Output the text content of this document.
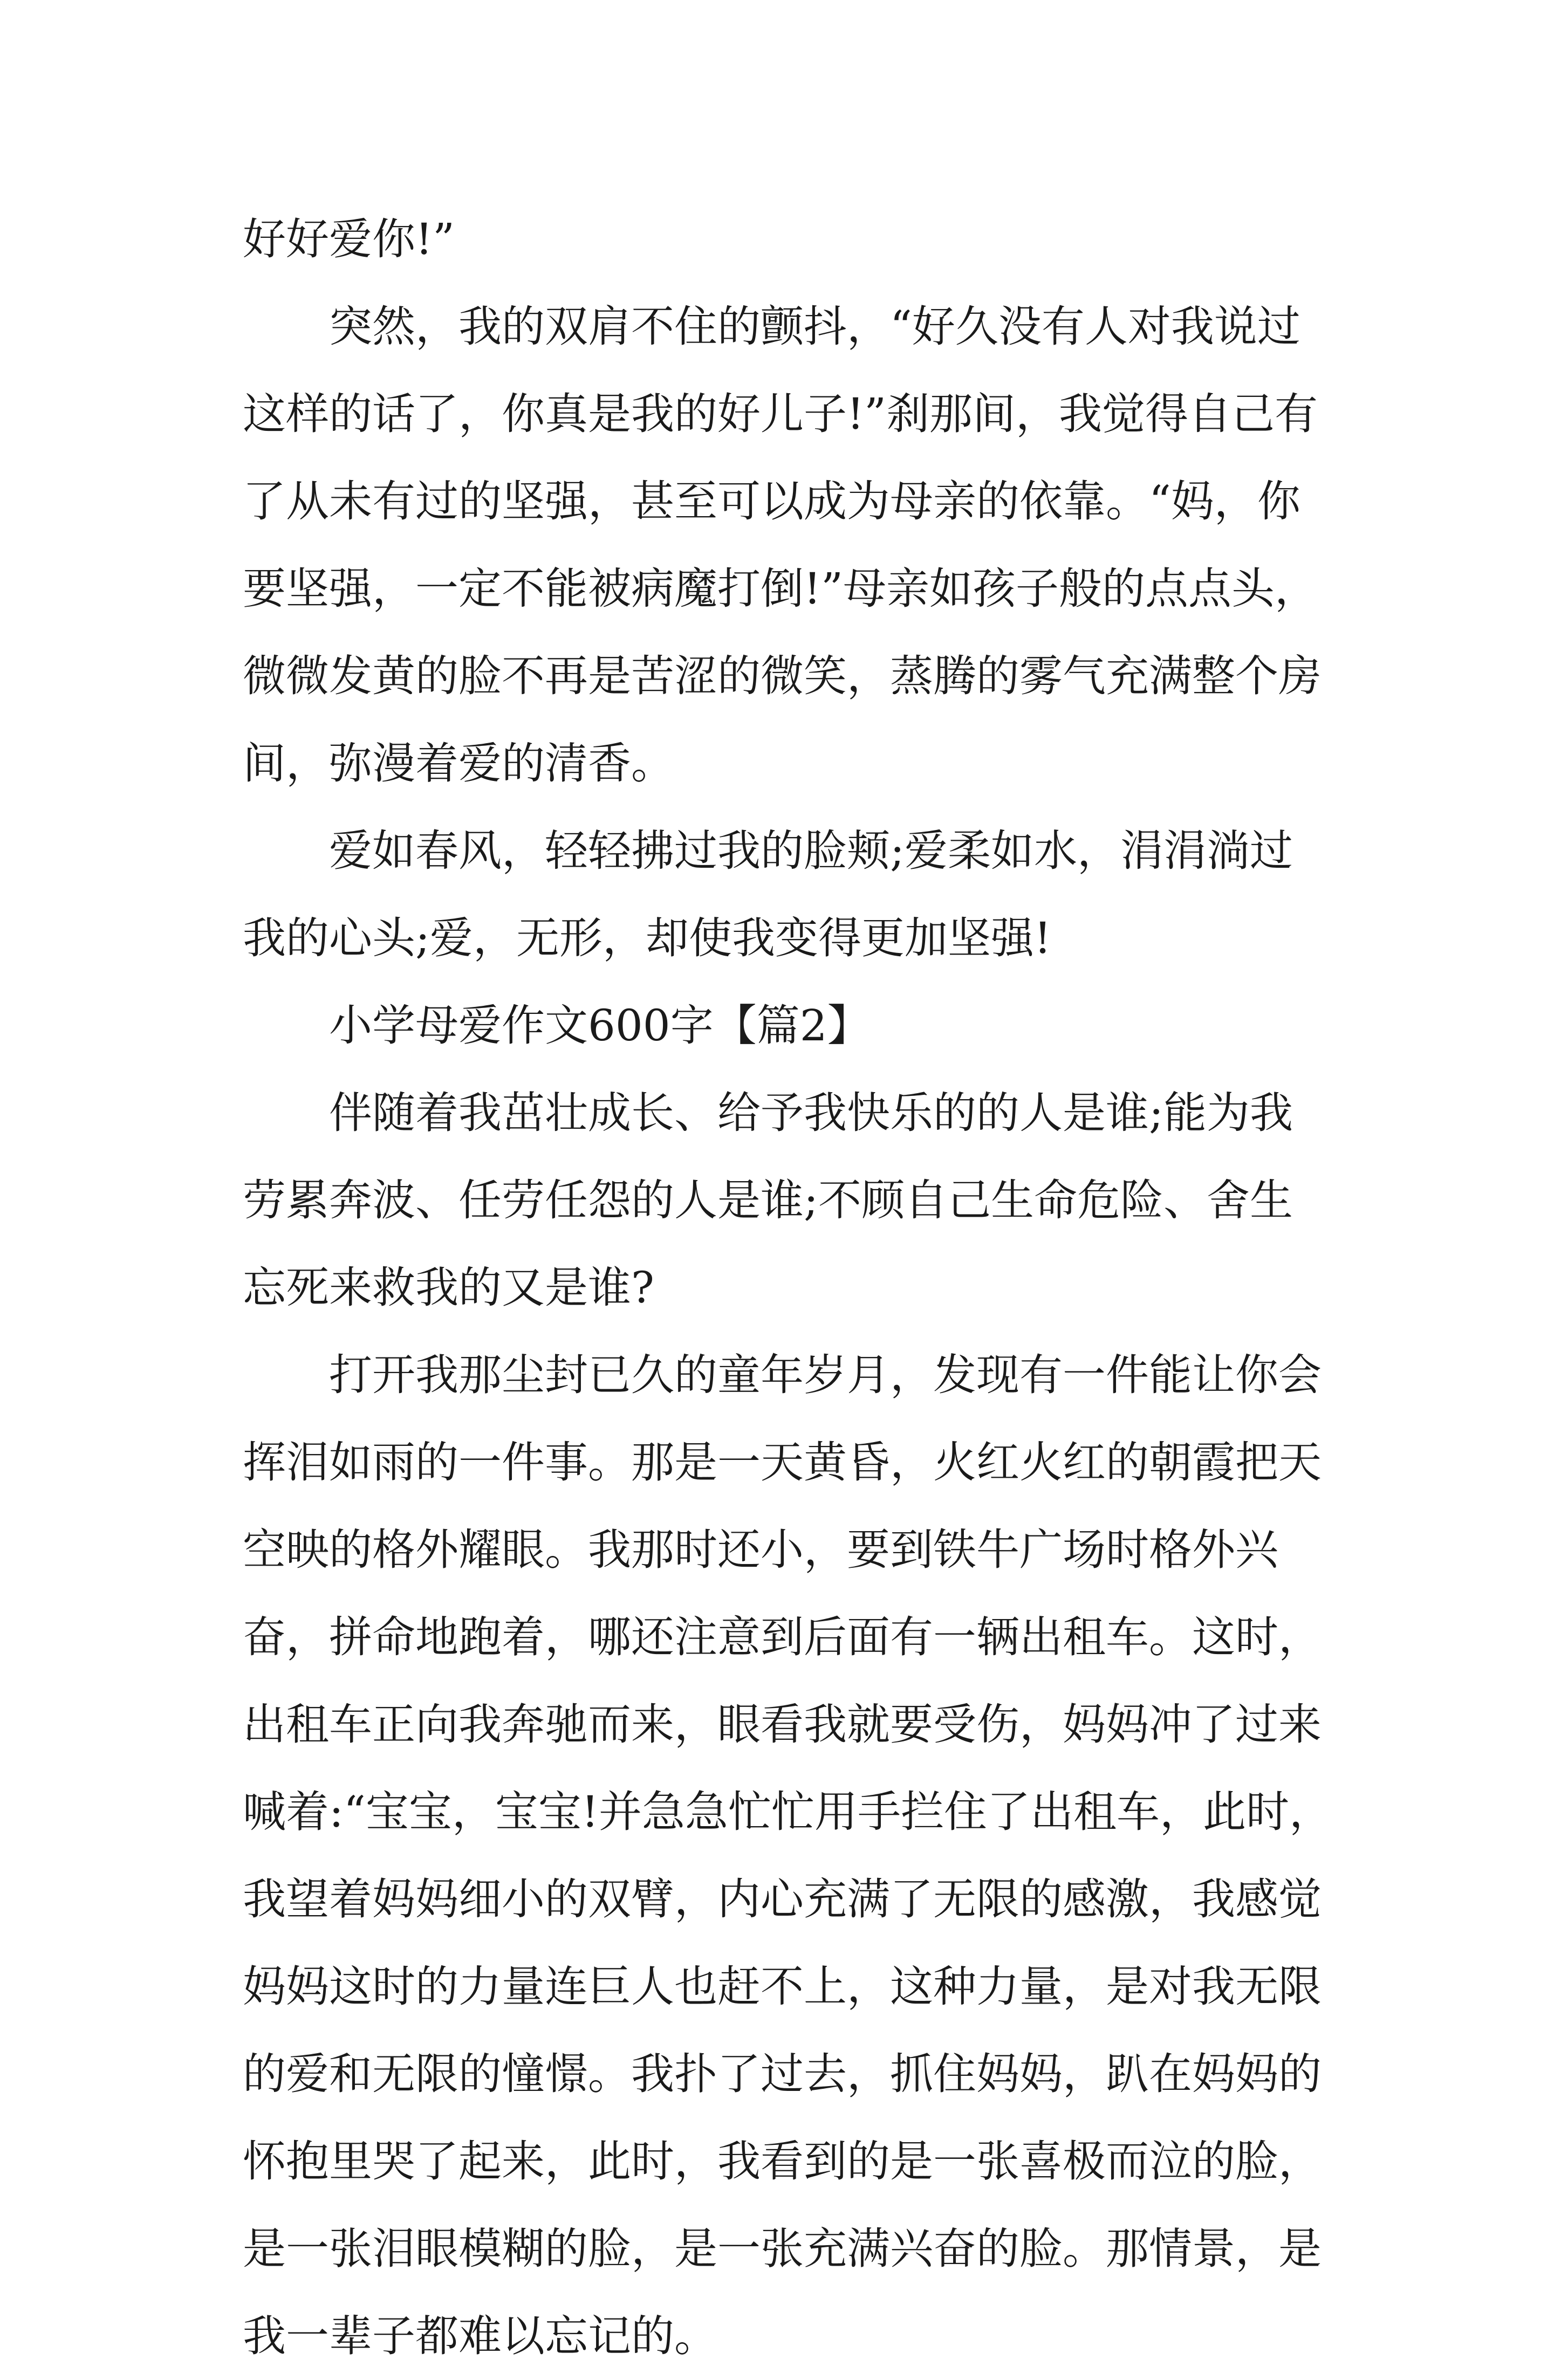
好好爱你!”

突然，我的双肩不住的颤抖，“好久没有人对我说过这样的话了，你真是我的好儿子!”刹那间，我觉得自己有了从未有过的坚强，甚至可以成为母亲的依靠。“妈，你要坚强，一定不能被病魔打倒!”母亲如孩子般的点点头，微微发黄的脸不再是苦涩的微笑，蒸腾的雾气充满整个房间，弥漫着爱的清香。

爱如春风，轻轻拂过我的脸颊;爱柔如水，涓涓淌过我的心头;爱，无形，却使我变得更加坚强!

小学母爱作文600字【篇2】

伴随着我茁壮成长、给予我快乐的的人是谁;能为我劳累奔波、任劳任怨的人是谁;不顾自己生命危险、舍生忘死来救我的又是谁?

打开我那尘封已久的童年岁月，发现有一件能让你会挥泪如雨的一件事。那是一天黄昏，火红火红的朝霞把天空映的格外耀眼。我那时还小，要到铁牛广场时格外兴奋，拼命地跑着，哪还注意到后面有一辆出租车。这时，出租车正向我奔驰而来，眼看我就要受伤，妈妈冲了过来喊着:“宝宝，宝宝!并急急忙忙用手拦住了出租车，此时，我望着妈妈细小的双臂，内心充满了无限的感激，我感觉妈妈这时的力量连巨人也赶不上，这种力量，是对我无限的爱和无限的憧憬。我扑了过去，抓住妈妈，趴在妈妈的怀抱里哭了起来，此时，我看到的是一张喜极而泣的脸，是一张泪眼模糊的脸，是一张充满兴奋的脸。那情景，是我一辈子都难以忘记的。
